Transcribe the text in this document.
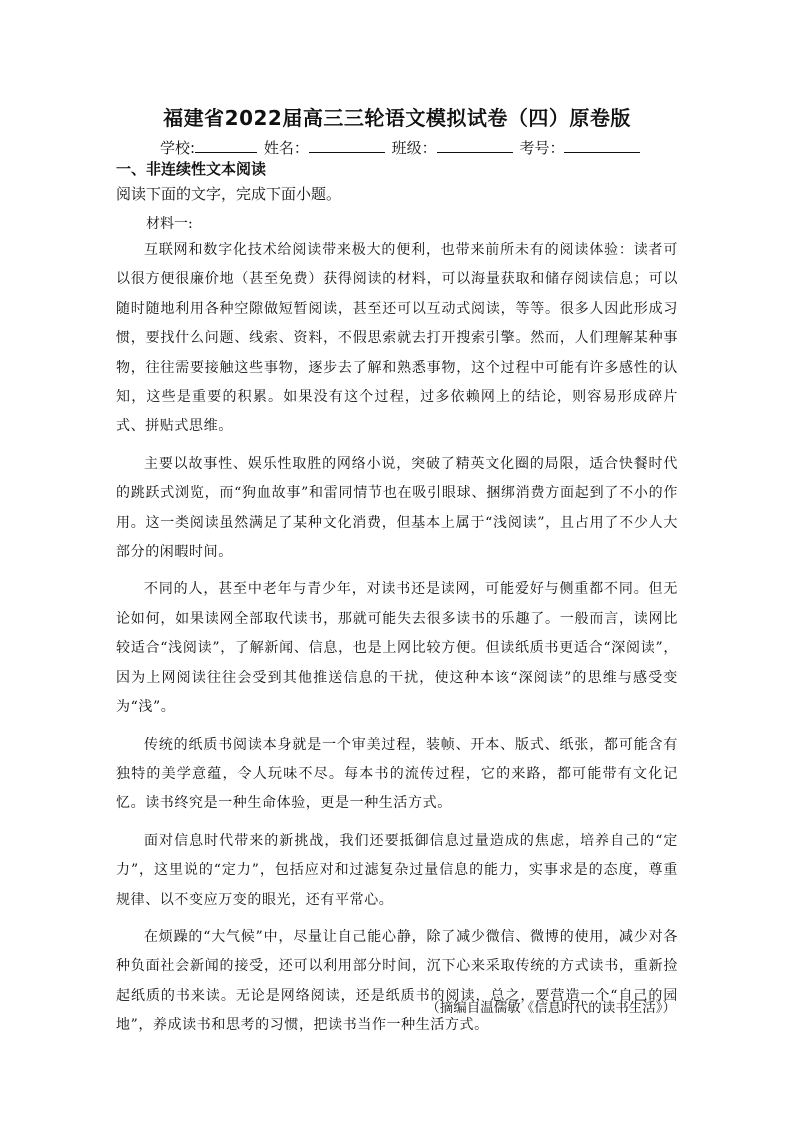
福建省2022届高三三轮语文模拟试卷（四）原卷版
学校:	姓名：	班级：	考号：
一、非连续性文本阅读
阅读下面的文字，完成下面小题。
材料一:

互联网和数字化技术给阅读带来极大的便利，也带来前所未有的阅读体验：读者可以很方便很廉价地（甚至免费）获得阅读的材料，可以海量获取和储存阅读信息；可以随时随地利用各种空隙做短暂阅读，甚至还可以互动式阅读，等等。很多人因此形成习惯，要找什么问题、线索、资料，不假思索就去打开搜索引擎。然而，人们理解某种事物，往往需要接触这些事物，逐步去了解和熟悉事物，这个过程中可能有许多感性的认知，这些是重要的积累。如果没有这个过程，过多依赖网上的结论，则容易形成碎片式、拼贴式思维。

主要以故事性、娱乐性取胜的网络小说，突破了精英文化圈的局限，适合快餐时代的跳跃式浏览，而“狗血故事”和雷同情节也在吸引眼球、捆绑消费方面起到了不小的作用。这一类阅读虽然满足了某种文化消费，但基本上属于“浅阅读”，且占用了不少人大部分的闲暇时间。

不同的人，甚至中老年与青少年，对读书还是读网，可能爱好与侧重都不同。但无论如何，如果读网全部取代读书，那就可能失去很多读书的乐趣了。一般而言，读网比较适合“浅阅读”，了解新闻、信息，也是上网比较方便。但读纸质书更适合“深阅读”，因为上网阅读往往会受到其他推送信息的干扰，使这种本该“深阅读”的思维与感受变为“浅”。

传统的纸质书阅读本身就是一个审美过程，装帧、开本、版式、纸张，都可能含有独特的美学意蕴，令人玩味不尽。每本书的流传过程，它的来路，都可能带有文化记忆。读书终究是一种生命体验，更是一种生活方式。

面对信息时代带来的新挑战，我们还要抵御信息过量造成的焦虑，培养自己的“定力”，这里说的“定力”，包括应对和过滤复杂过量信息的能力，实事求是的态度，尊重规律、以不变应万变的眼光，还有平常心。

在烦躁的“大气候”中，尽量让自己能心静，除了减少微信、微博的使用，减少对各种负面社会新闻的接受，还可以利用部分时间，沉下心来采取传统的方式读书，重新捡起纸质的书来读。无论是网络阅读，还是纸质书的阅读，总之，要营造一个“自己的园地”，养成读书和思考的习惯，把读书当作一种生活方式。

（摘编自温儒敏《信息时代的读书生活》）
